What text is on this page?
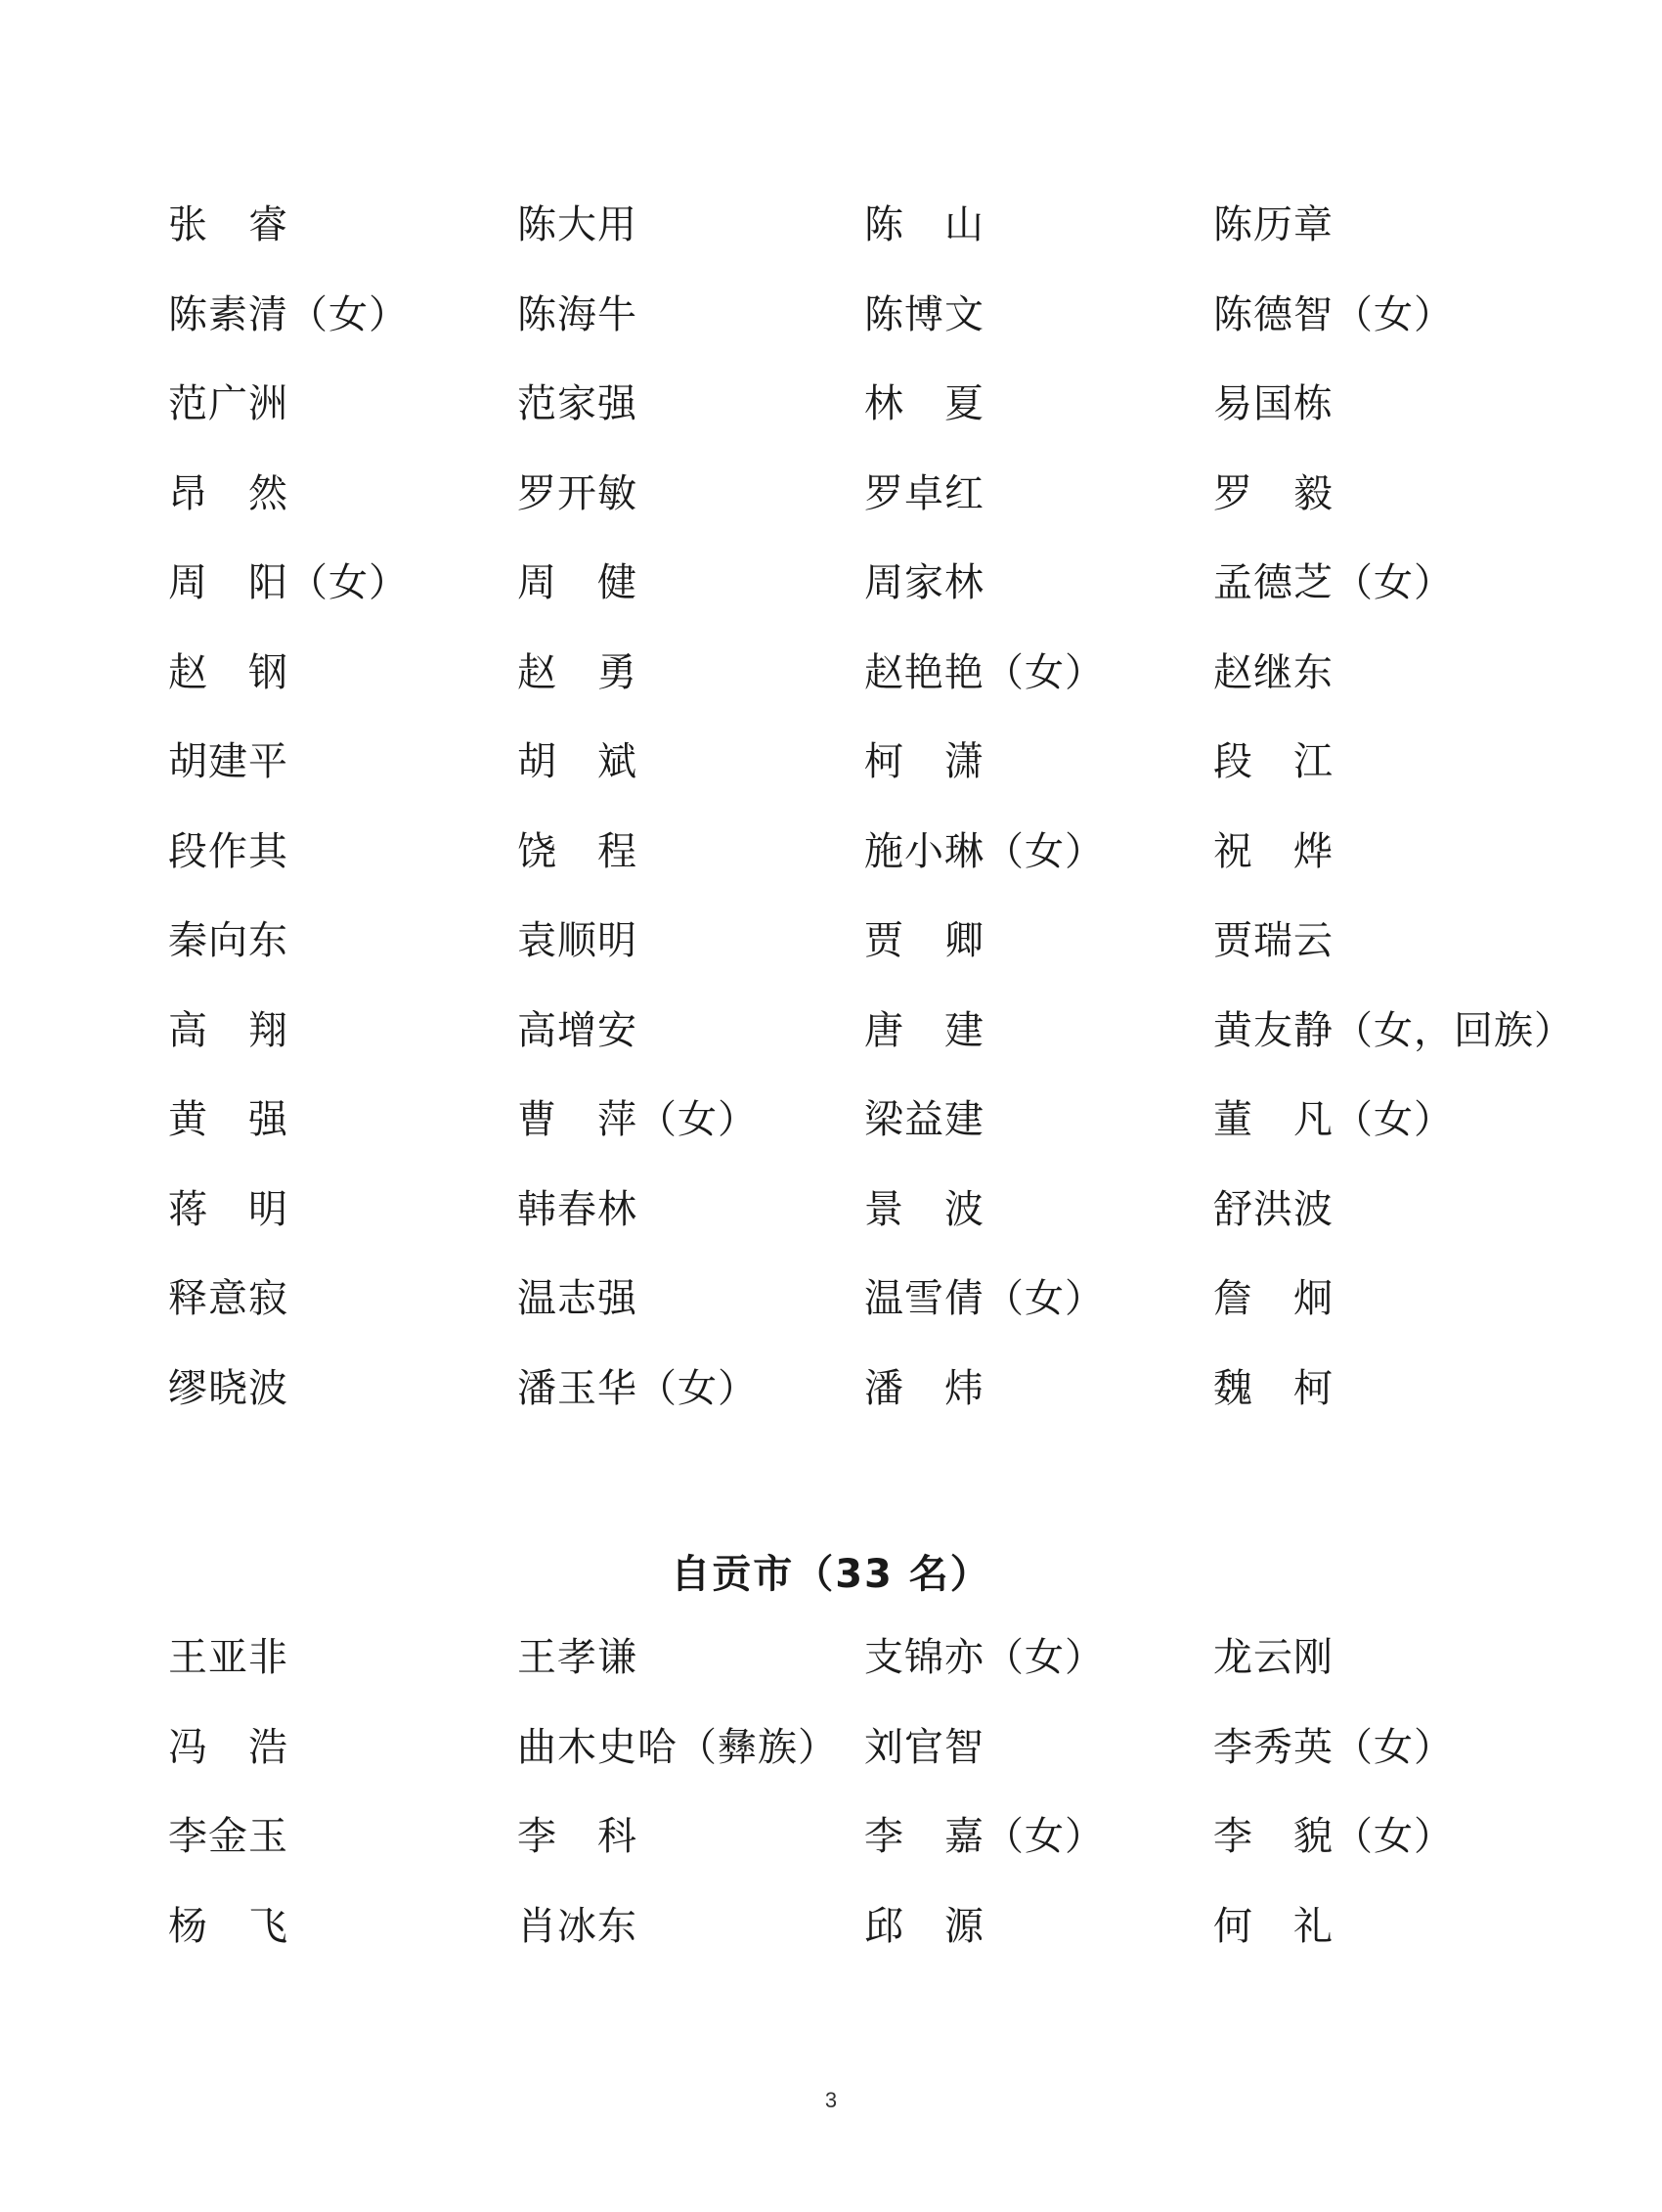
张　睿	陈大用	陈　山	陈历章
陈素清（女）	陈海牛	陈博文	陈德智（女）
范广洲	范家强	林　夏	易国栋
昂　然	罗开敏	罗卓红	罗　毅
周　阳（女）	周　健	周家林	孟德芝（女）
赵　钢	赵　勇	赵艳艳（女）	赵继东
胡建平	胡　斌	柯　潇	段　江
段作其	饶　程	施小琳（女）	祝　烨
秦向东	袁顺明	贾　卿	贾瑞云
高　翔	高增安	唐　建	黄友静（女，回族）
黄　强	曹　萍（女）	梁益建	董　凡（女）
蒋　明	韩春林	景　波	舒洪波
释意寂	温志强	温雪倩（女）	詹　炯
缪晓波	潘玉华（女）	潘　炜	魏　柯
自贡市（33 名）
王亚非	王孝谦	支锦亦（女）	龙云刚
冯　浩	曲木史哈（彝族） 刘官智	李秀英（女）
李金玉	李　科	李　嘉（女）	李　貌（女）
杨　飞	肖冰东	邱　源	何　礼
3
